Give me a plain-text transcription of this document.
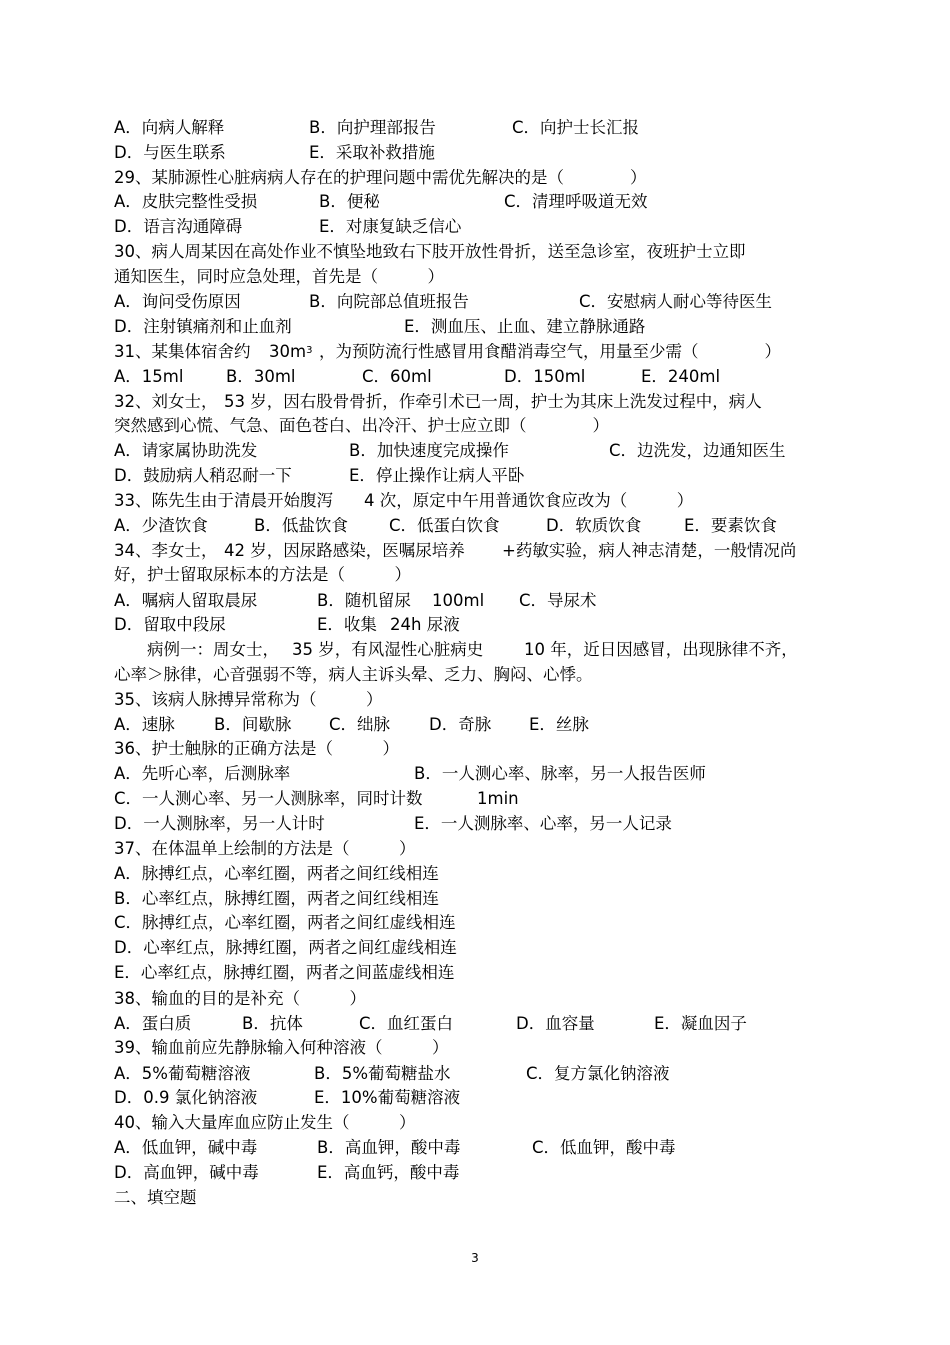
A．向病人解释	B．向护理部报告	C．向护士长汇报
D．与医生联系	E．采取补救措施
29、某肺源性心脏病病人存在的护理问题中需优先解决的是（　　　　）
A．皮肤完整性受损	B．便秘	C．清理呼吸道无效
D．语言沟通障碍	E．对康复缺乏信心
30、病人周某因在高处作业不慎坠地致右下肢开放性骨折，送至急诊室，夜班护士立即
通知医生，同时应急处理，首先是（　　　）
A．询问受伤原因	B．向院部总值班报告	C．安慰病人耐心等待医生
D．注射镇痛剂和止血剂	E．测血压、止血、建立静脉通路
31、某集体宿舍约 $30m^3$ ，为预防流行性感冒用食醋消毒空气，用量至少需（　　　　）
A．15ml	B．30ml	C．60ml	D．150ml	E．240ml
32、刘女士， 53 岁，因右股骨骨折，作牵引术已一周，护士为其床上洗发过程中，病人
突然感到心慌、气急、面色苍白、出冷汗、护士应立即（　　　　）
A．请家属协助洗发	B．加快速度完成操作	C．边洗发，边通知医生
D．鼓励病人稍忍耐一下	E．停止操作让病人平卧
33、陈先生由于清晨开始腹泻 4 次，原定中午用普通饮食应改为（　　　）
A．少渣饮食	B．低盐饮食 C．低蛋白饮食	D．软质饮食	E．要素饮食
34、李女士， 42 岁，因尿路感染，医嘱尿培养 +药敏实验，病人神志清楚，一般情况尚
好，护士留取尿标本的方法是（　　　）
A．嘱病人留取晨尿	B．随机留尿 100ml C．导尿术
D．留取中段尿	E．收集 24h 尿液
病例一：周女士， 35 岁，有风湿性心脏病史 10 年，近日因感冒，出现脉律不齐，
心率＞脉律，心音强弱不等，病人主诉头晕、乏力、胸闷、心悸。
35、该病人脉搏异常称为（　　　）
A．速脉 B．间歇脉 C．绌脉 D．奇脉 E．丝脉
36、护士触脉的正确方法是（　　　）
A．先听心率，后测脉率	B．一人测心率、脉率，另一人报告医师
C．一人测心率、另一人测脉率，同时计数	1min
D．一人测脉率，另一人计时	E．一人测脉率、心率，另一人记录
37、在体温单上绘制的方法是（　　　）
A．脉搏红点，心率红圈，两者之间红线相连
B．心率红点，脉搏红圈，两者之间红线相连
C．脉搏红点，心率红圈，两者之间红虚线相连
D．心率红点，脉搏红圈，两者之间红虚线相连
E．心率红点，脉搏红圈，两者之间蓝虚线相连
38、输血的目的是补充（　　　）
A．蛋白质	B．抗体	C．血红蛋白	D．血容量	E．凝血因子
39、输血前应先静脉输入何种溶液（　　　）
A．5%葡萄糖溶液	B．5%葡萄糖盐水	C．复方氯化钠溶液
D．0.9 氯化钠溶液	E．10%葡萄糖溶液
40、输入大量库血应防止发生（　　　）
A．低血钾，碱中毒	B．高血钾，酸中毒	C．低血钾，酸中毒
D．高血钾，碱中毒	E．高血钙，酸中毒
二、填空题
3
